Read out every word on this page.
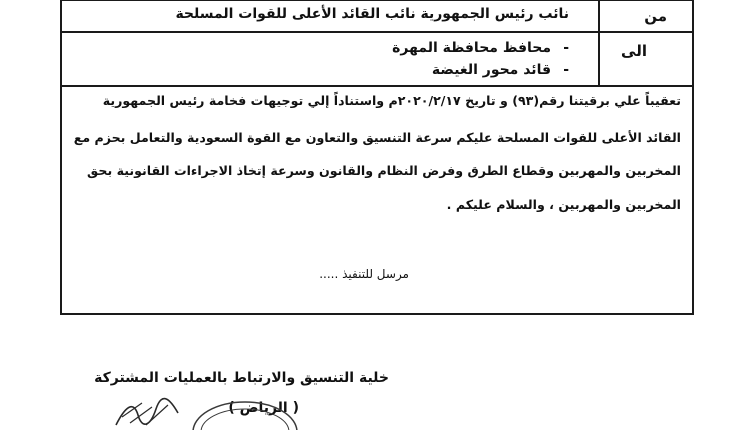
من
نائب رئيس الجمهورية نائب القائد الأعلى للقوات المسلحة
الى
-
محافظ محافظة المهرة
-
قائد محور الغيضة
تعقيباً علي برقيتنا رقم(٩٣) و تاريخ ٢٠٢٠/٢/١٧م واستناداً إلي توجيهات فخامة رئيس الجمهورية
القائد الأعلى للقوات المسلحة عليكم سرعة التنسيق والتعاون مع القوة السعودية والتعامل بحزم مع
المخربين والمهربين وقطاع الطرق وفرض النظام والقانون وسرعة إتخاذ الاجراءات القانونية بحق
المخربين والمهربين ، والسلام عليكم .
مرسل للتنفيذ .....
خلية التنسيق والارتباط بالعمليات المشتركة
( الرياض )
